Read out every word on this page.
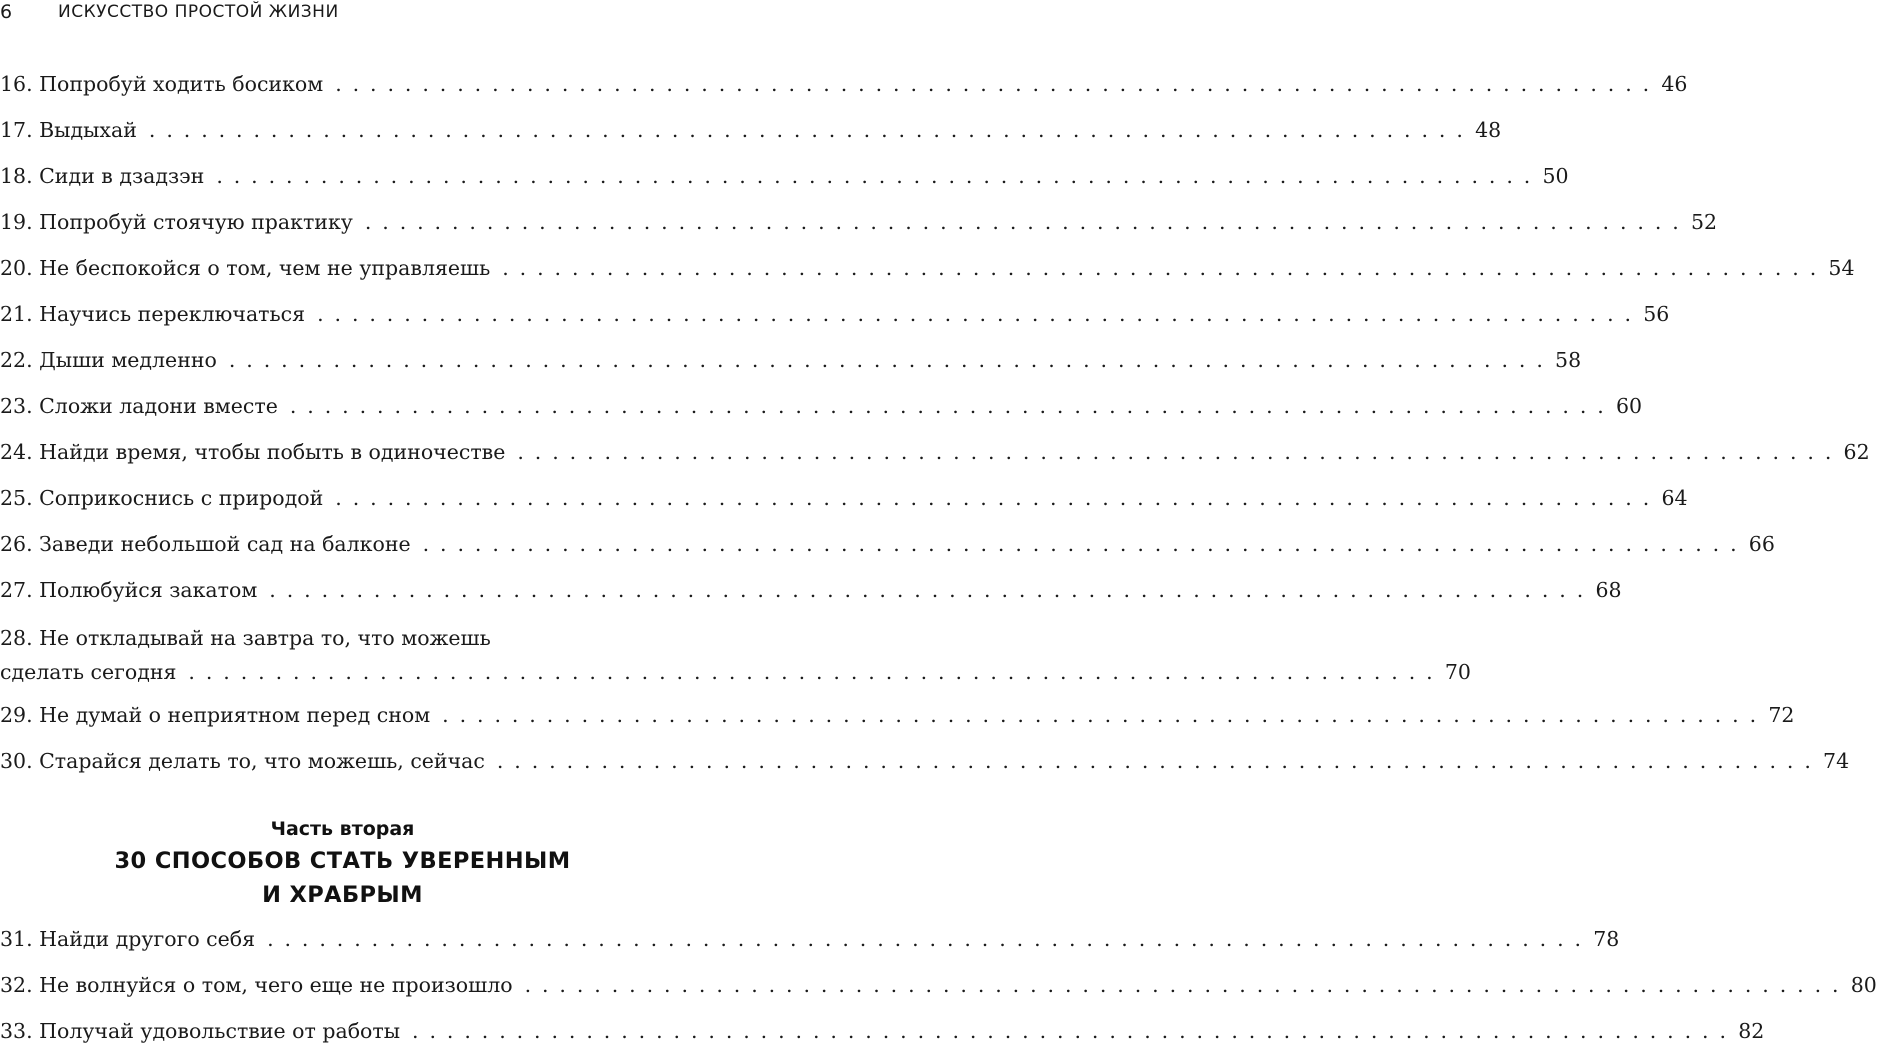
6	ИСКУССТВО ПРОСТОЙ ЖИЗНИ
16. Попробуй ходить босиком . . . . . . . . . . . . . . . . . . . . . . . . . . . . . . . . . . . . . . . . . . . . . . . . . . . . . . . . . . . . . . . . . . . . . . . . . . . . 46
17. Выдыхай . . . . . . . . . . . . . . . . . . . . . . . . . . . . . . . . . . . . . . . . . . . . . . . . . . . . . . . . . . . . . . . . . . . . . . . . . . . . 48
18. Сиди в дзадзэн . . . . . . . . . . . . . . . . . . . . . . . . . . . . . . . . . . . . . . . . . . . . . . . . . . . . . . . . . . . . . . . . . . . . . . . . . . . . 50
19. Попробуй стоячую практику . . . . . . . . . . . . . . . . . . . . . . . . . . . . . . . . . . . . . . . . . . . . . . . . . . . . . . . . . . . . . . . . . . . . . . . . . . . . 52
20. Не беспокойся о том, чем не управляешь . . . . . . . . . . . . . . . . . . . . . . . . . . . . . . . . . . . . . . . . . . . . . . . . . . . . . . . . . . . . . . . . . . . . . . . . . . . . 54
21. Научись переключаться . . . . . . . . . . . . . . . . . . . . . . . . . . . . . . . . . . . . . . . . . . . . . . . . . . . . . . . . . . . . . . . . . . . . . . . . . . . . 56
22. Дыши медленно . . . . . . . . . . . . . . . . . . . . . . . . . . . . . . . . . . . . . . . . . . . . . . . . . . . . . . . . . . . . . . . . . . . . . . . . . . . . 58
23. Сложи ладони вместе . . . . . . . . . . . . . . . . . . . . . . . . . . . . . . . . . . . . . . . . . . . . . . . . . . . . . . . . . . . . . . . . . . . . . . . . . . . . 60
24. Найди время, чтобы побыть в одиночестве . . . . . . . . . . . . . . . . . . . . . . . . . . . . . . . . . . . . . . . . . . . . . . . . . . . . . . . . . . . . . . . . . . . . . . . . . . . . 62
25. Соприкоснись с природой . . . . . . . . . . . . . . . . . . . . . . . . . . . . . . . . . . . . . . . . . . . . . . . . . . . . . . . . . . . . . . . . . . . . . . . . . . . . 64
26. Заведи небольшой сад на балконе . . . . . . . . . . . . . . . . . . . . . . . . . . . . . . . . . . . . . . . . . . . . . . . . . . . . . . . . . . . . . . . . . . . . . . . . . . . . 66
27. Полюбуйся закатом . . . . . . . . . . . . . . . . . . . . . . . . . . . . . . . . . . . . . . . . . . . . . . . . . . . . . . . . . . . . . . . . . . . . . . . . . . . . 68
28. Не откладывай на завтра то, что можешь
сделать сегодня . . . . . . . . . . . . . . . . . . . . . . . . . . . . . . . . . . . . . . . . . . . . . . . . . . . . . . . . . . . . . . . . . . . . . . . . 70
29. Не думай о неприятном перед сном . . . . . . . . . . . . . . . . . . . . . . . . . . . . . . . . . . . . . . . . . . . . . . . . . . . . . . . . . . . . . . . . . . . . . . . . . . . . 72
30. Старайся делать то, что можешь, сейчас . . . . . . . . . . . . . . . . . . . . . . . . . . . . . . . . . . . . . . . . . . . . . . . . . . . . . . . . . . . . . . . . . . . . . . . . . . . . 74
Часть вторая
30 СПОСОБОВ СТАТЬ УВЕРЕННЫМ
И ХРАБРЫМ
31. Найди другого себя . . . . . . . . . . . . . . . . . . . . . . . . . . . . . . . . . . . . . . . . . . . . . . . . . . . . . . . . . . . . . . . . . . . . . . . . . . . . 78
32. Не волнуйся о том, чего еще не произошло . . . . . . . . . . . . . . . . . . . . . . . . . . . . . . . . . . . . . . . . . . . . . . . . . . . . . . . . . . . . . . . . . . . . . . . . . . . . 80
33. Получай удовольствие от работы . . . . . . . . . . . . . . . . . . . . . . . . . . . . . . . . . . . . . . . . . . . . . . . . . . . . . . . . . . . . . . . . . . . . . . . . . . . . 82
